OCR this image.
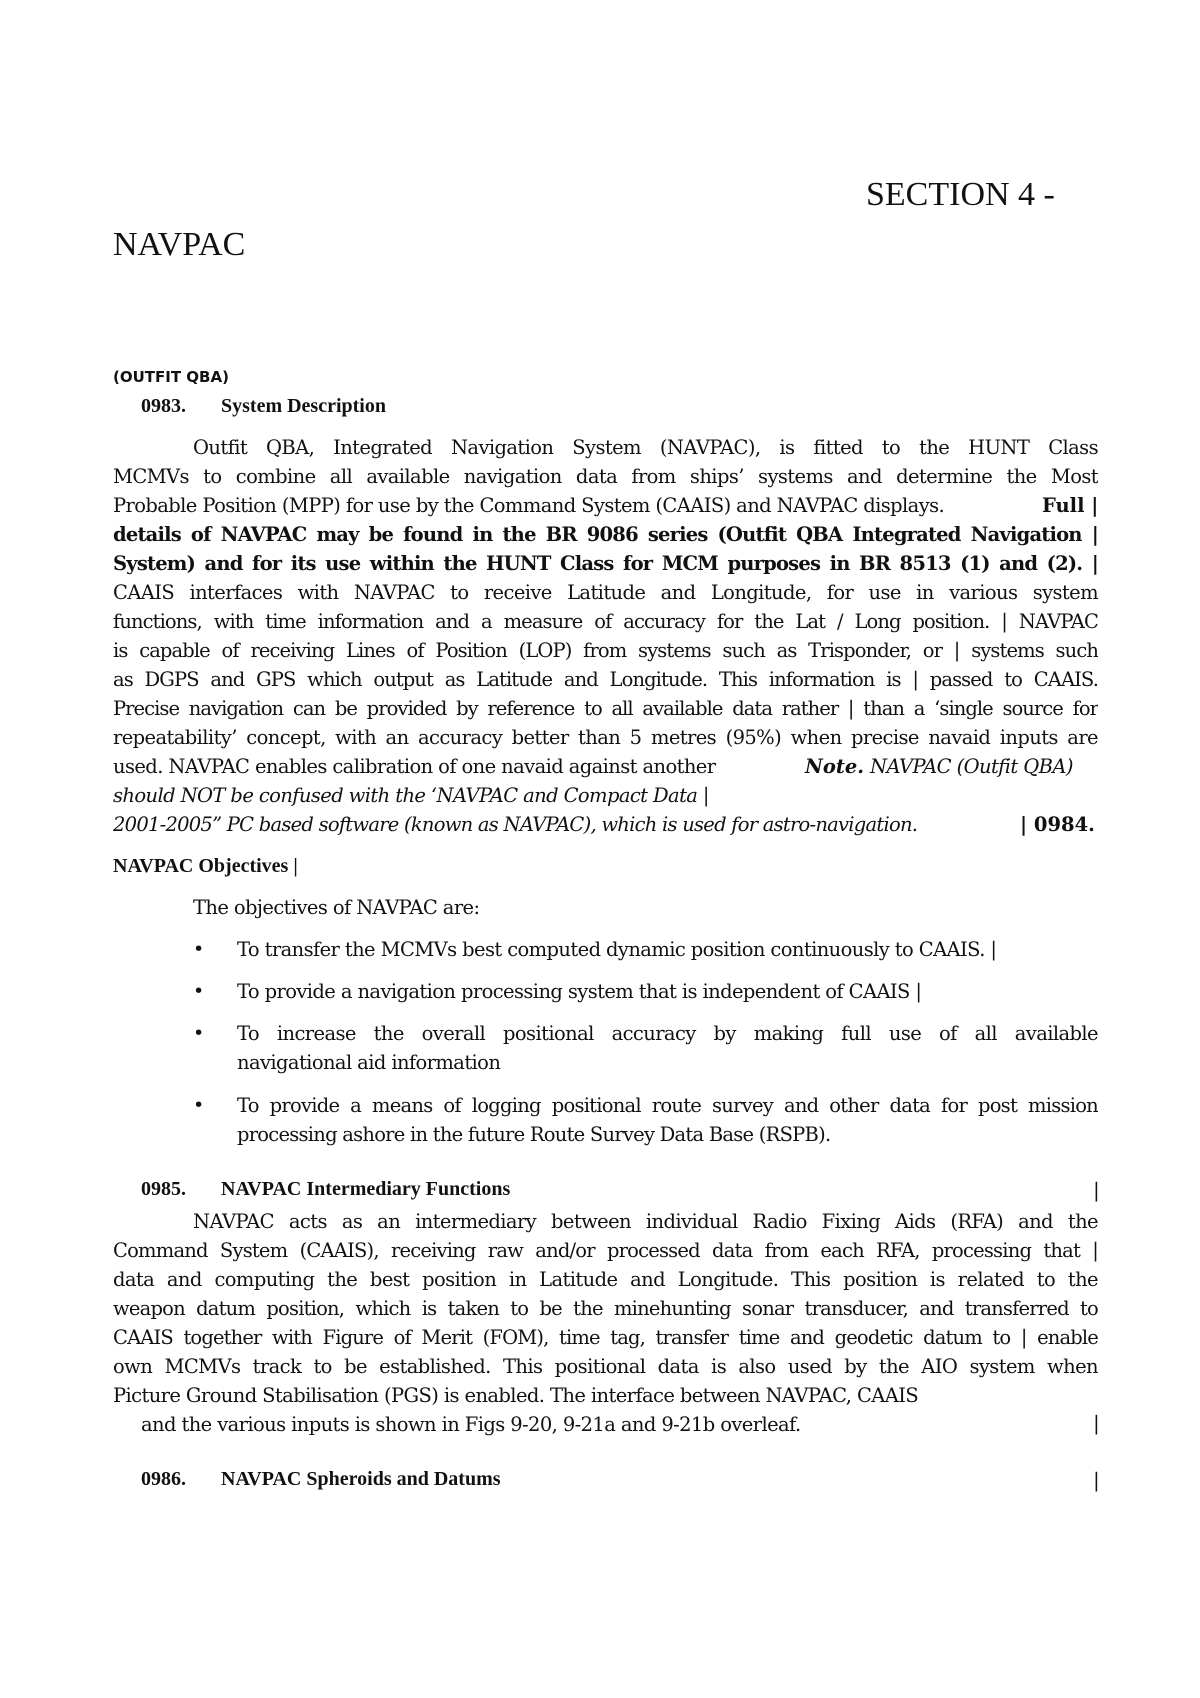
SECTION 4 -
NAVPAC
(OUTFIT QBA)
0983. System Description
Outfit QBA, Integrated Navigation System (NAVPAC), is fitted to the HUNT Class
MCMVs to combine all available navigation data from ships’ systems and determine the Most
Probable Position (MPP) for use by the Command System (CAAIS) and NAVPAC displays.	Full |
details of NAVPAC may be found in the BR 9086 series (Outfit QBA Integrated Navigation |
System) and for its use within the HUNT Class for MCM purposes in BR 8513 (1) and (2). |
CAAIS interfaces with NAVPAC to receive Latitude and Longitude, for use in various system
functions, with time information and a measure of accuracy for the Lat / Long position. | NAVPAC
is capable of receiving Lines of Position (LOP) from systems such as Trisponder, or | systems such
as DGPS and GPS which output as Latitude and Longitude. This information is | passed to CAAIS.
Precise navigation can be provided by reference to all available data rather | than a ‘single source for
repeatability’ concept, with an accuracy better than 5 metres (95%) when precise navaid inputs are
used. NAVPAC enables calibration of one navaid against another	Note. NAVPAC (Outfit QBA)
should NOT be confused with the ‘NAVPAC and Compact Data |
2001-2005” PC based software (known as NAVPAC), which is used for astro-navigation.	| 0984.
NAVPAC Objectives |
The objectives of NAVPAC are:
• To transfer the MCMVs best computed dynamic position continuously to CAAIS. |
• To provide a navigation processing system that is independent of CAAIS |
• To increase the overall positional accuracy by making full use of all available
navigational aid information
• To provide a means of logging positional route survey and other data for post mission
processing ashore in the future Route Survey Data Base (RSPB).
0985. NAVPAC Intermediary Functions	|
NAVPAC acts as an intermediary between individual Radio Fixing Aids (RFA) and the
Command System (CAAIS), receiving raw and/or processed data from each RFA, processing that |
data and computing the best position in Latitude and Longitude. This position is related to the
weapon datum position, which is taken to be the minehunting sonar transducer, and transferred to
CAAIS together with Figure of Merit (FOM), time tag, transfer time and geodetic datum to | enable
own MCMVs track to be established. This positional data is also used by the AIO system when
Picture Ground Stabilisation (PGS) is enabled. The interface between NAVPAC, CAAIS
and the various inputs is shown in Figs 9-20, 9-21a and 9-21b overleaf.	|
0986. NAVPAC Spheroids and Datums	|
